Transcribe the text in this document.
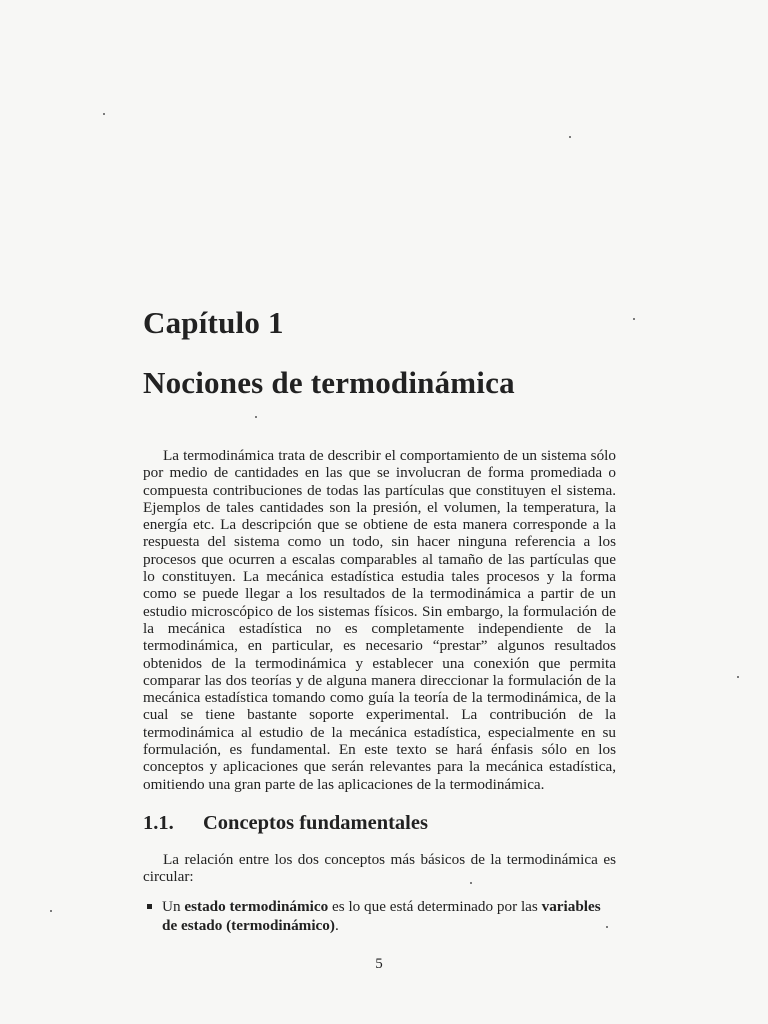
Capítulo 1
Nociones de termodinámica

La termodinámica trata de describir el comportamiento de un sistema sólo por medio de cantidades en las que se involucran de forma promediada o compuesta contribuciones de todas las partículas que constituyen el sistema. Ejemplos de tales cantidades son la presión, el volumen, la temperatura, la energía etc. La descripción que se obtiene de esta manera corresponde a la respuesta del sistema como un todo, sin hacer ninguna referencia a los procesos que ocurren a escalas comparables al tamaño de las partículas que lo constituyen. La mecánica estadística estudia tales procesos y la forma como se puede llegar a los resultados de la termodinámica a partir de un estudio microscópico de los sistemas físicos. Sin embargo, la formulación de la mecánica estadística no es completamente independiente de la termodinámica, en particular, es necesario “prestar” algunos resultados obtenidos de la termodinámica y establecer una conexión que permita comparar las dos teorías y de alguna manera direccionar la formulación de la mecánica estadística tomando como guía la teoría de la termodinámica, de la cual se tiene bastante soporte experimental. La contribución de la termodinámica al estudio de la mecánica estadística, especialmente en su formulación, es fundamental. En este texto se hará énfasis sólo en los conceptos y aplicaciones que serán relevantes para la mecánica estadística, omitiendo una gran parte de las aplicaciones de la termodinámica.

1.1. Conceptos fundamentales

La relación entre los dos conceptos más básicos de la termodinámica es circular:

Un estado termodinámico es lo que está determinado por las variables de estado (termodinámico).

5
